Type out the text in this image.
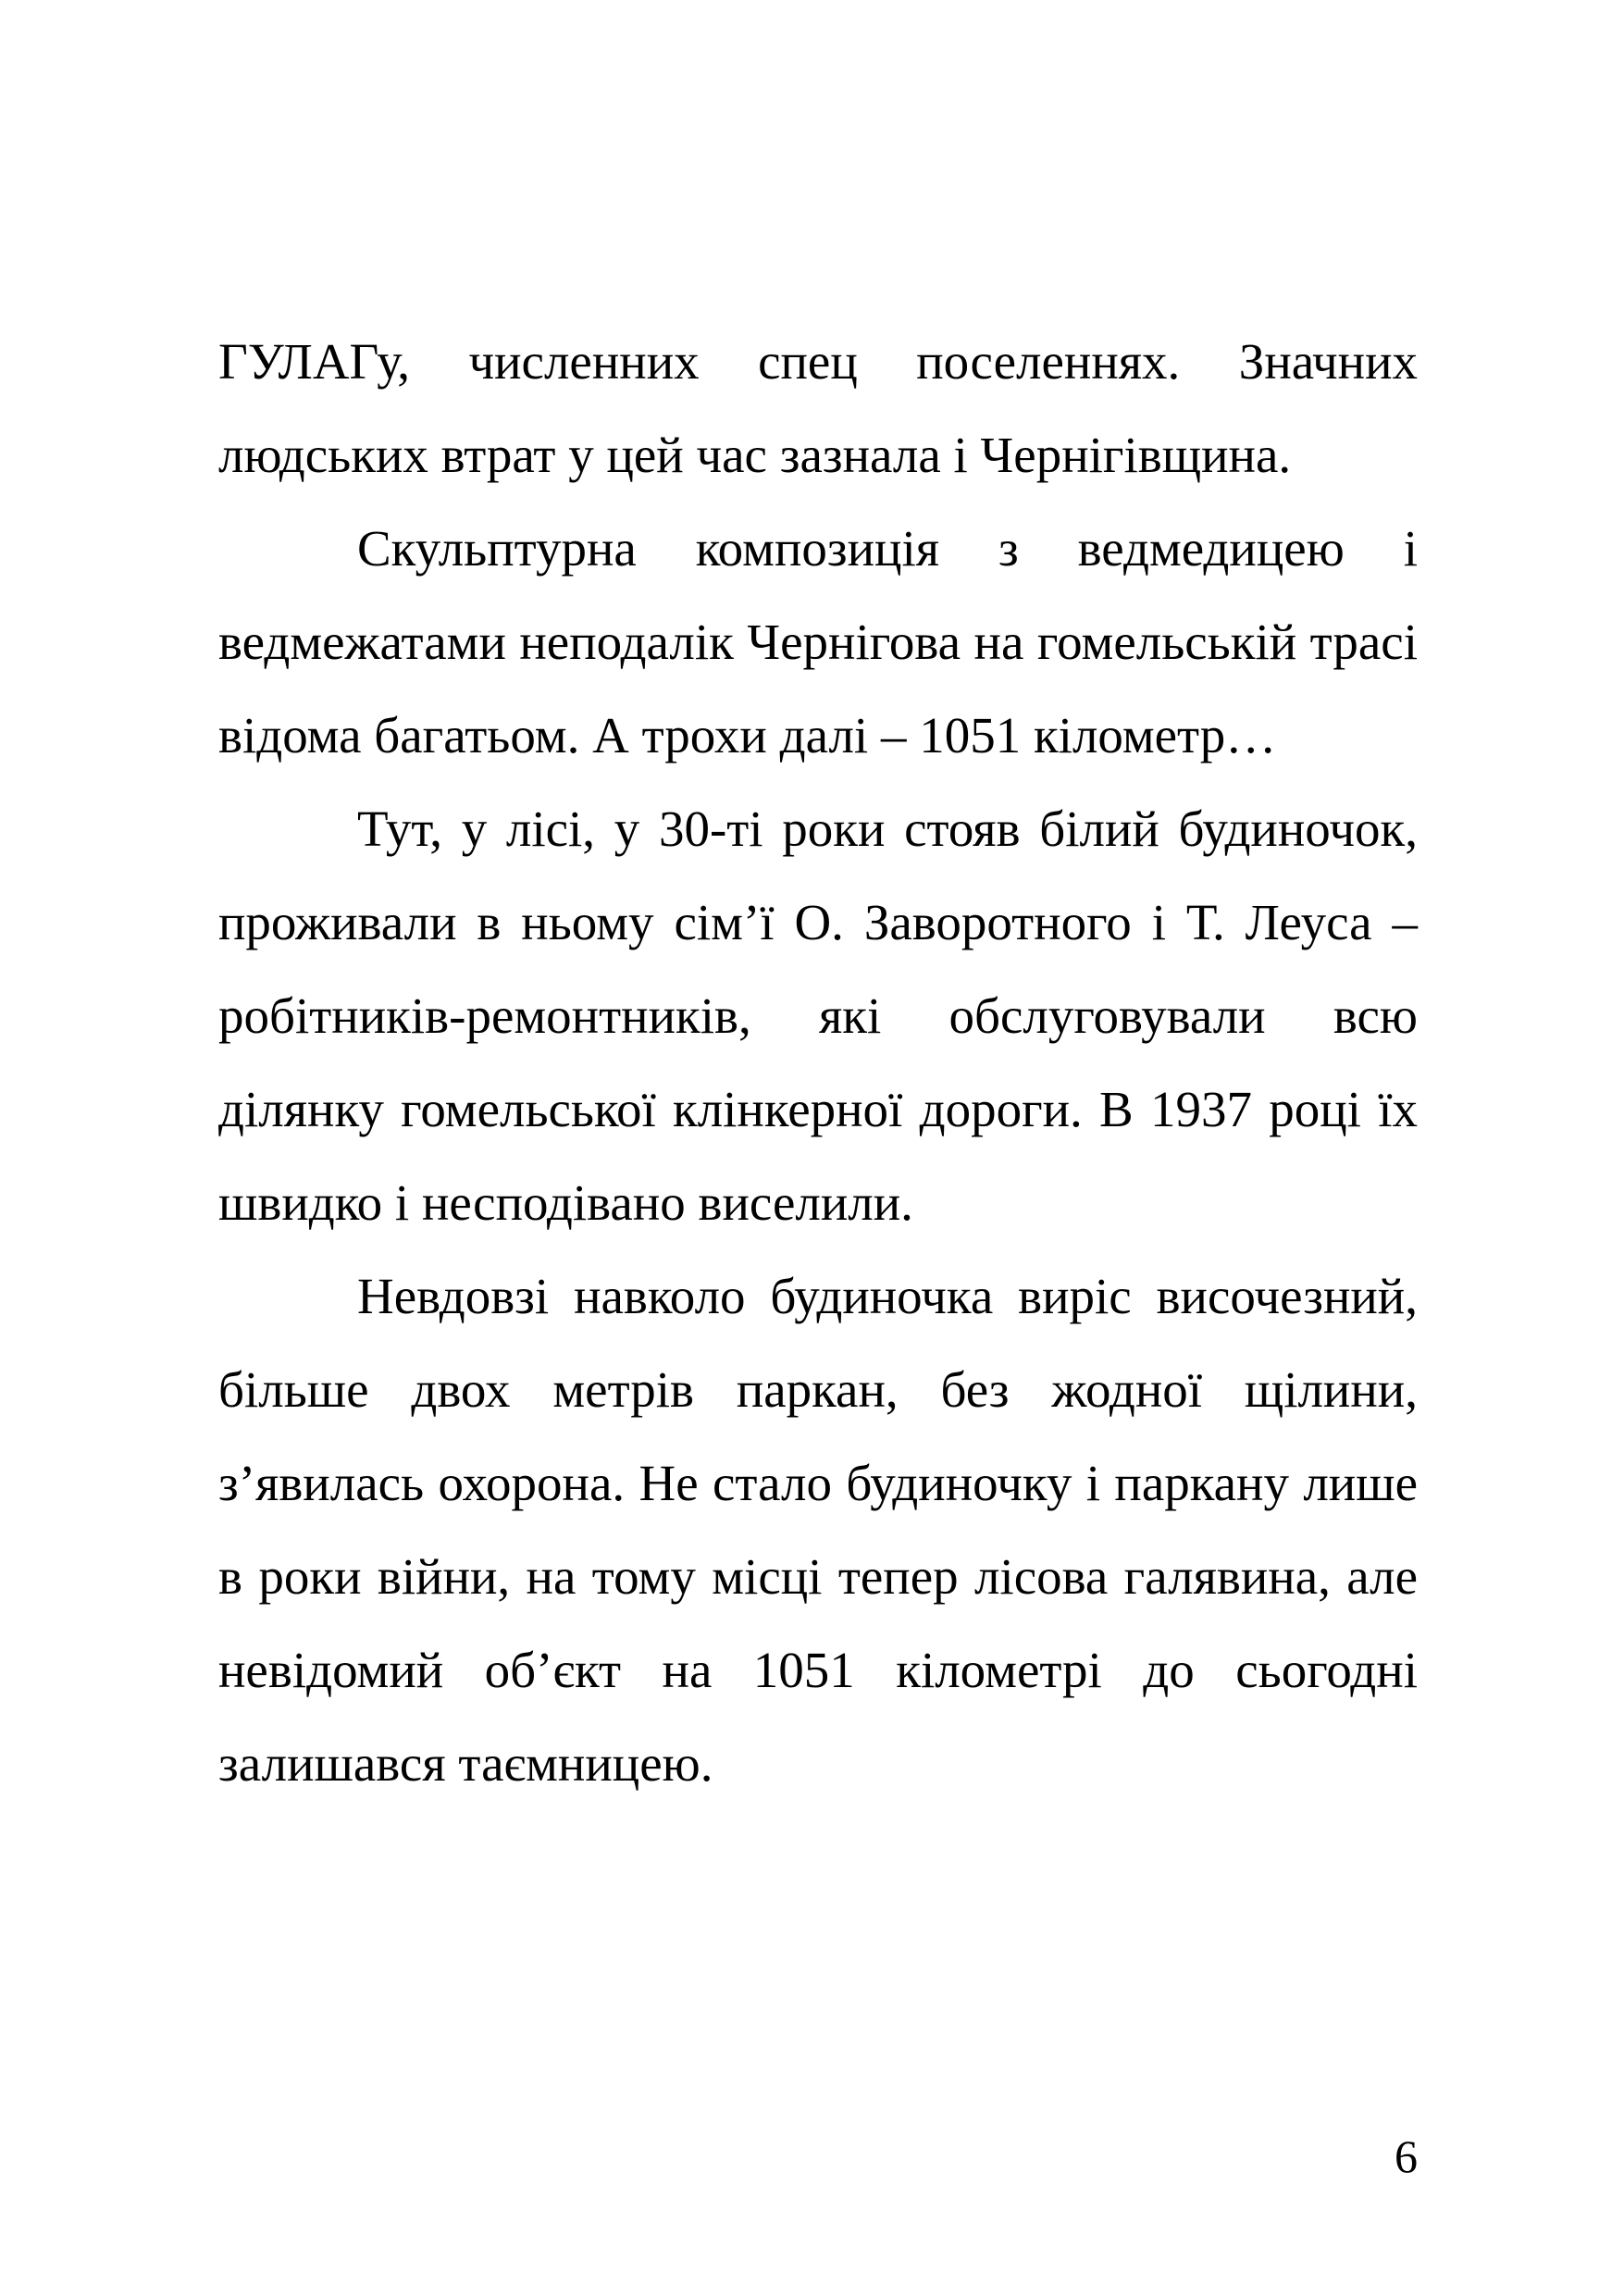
ГУЛАГу, численних спец поселеннях. Значних людських втрат у цей час зазнала і Чернігівщина.

Скульптурна композиція з ведмедицею і ведмежатами неподалік Чернігова на гомельській трасі відома багатьом. А трохи далі – 1051 кілометр…

Тут, у лісі, у 30-ті роки стояв білий будиночок, проживали в ньому сім’ї О. Заворотного і Т. Леуса – робітників-ремонтників, які обслуговували всю ділянку гомельської клінкерної дороги. В 1937 році їх швидко і несподівано виселили.

Невдовзі навколо будиночка виріс височезний, більше двох метрів паркан, без жодної щілини, з’явилась охорона. Не стало будиночку і паркану лише в роки війни, на тому місці тепер лісова галявина, але невідомий об’єкт на 1051 кілометрі до сьогодні залишався таємницею.

6
